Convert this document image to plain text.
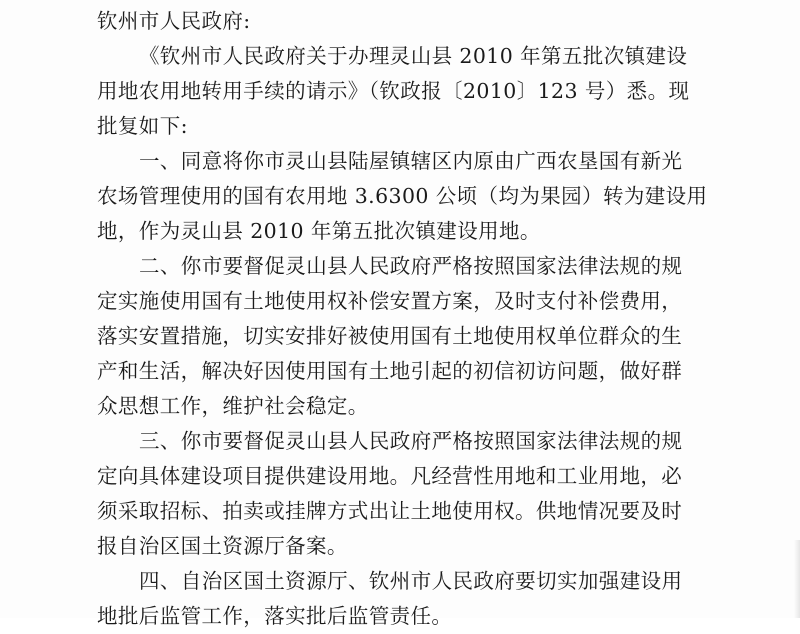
钦州市人民政府:
《钦州市人民政府关于办理灵山县 2010 年第五批次镇建设
用地农用地转用手续的请示》（钦政报〔2010〕123 号）悉。现
批复如下:
一、同意将你市灵山县陆屋镇辖区内原由广西农垦国有新光
农场管理使用的国有农用地 3.6300 公顷（均为果园）转为建设用
地，作为灵山县 2010 年第五批次镇建设用地。
二、你市要督促灵山县人民政府严格按照国家法律法规的规
定实施使用国有土地使用权补偿安置方案，及时支付补偿费用，
落实安置措施，切实安排好被使用国有土地使用权单位群众的生
产和生活，解决好因使用国有土地引起的初信初访问题，做好群
众思想工作，维护社会稳定。
三、你市要督促灵山县人民政府严格按照国家法律法规的规
定向具体建设项目提供建设用地。凡经营性用地和工业用地，必
须采取招标、拍卖或挂牌方式出让土地使用权。供地情况要及时
报自治区国土资源厅备案。
四、自治区国土资源厅、钦州市人民政府要切实加强建设用
地批后监管工作，落实批后监管责任。
